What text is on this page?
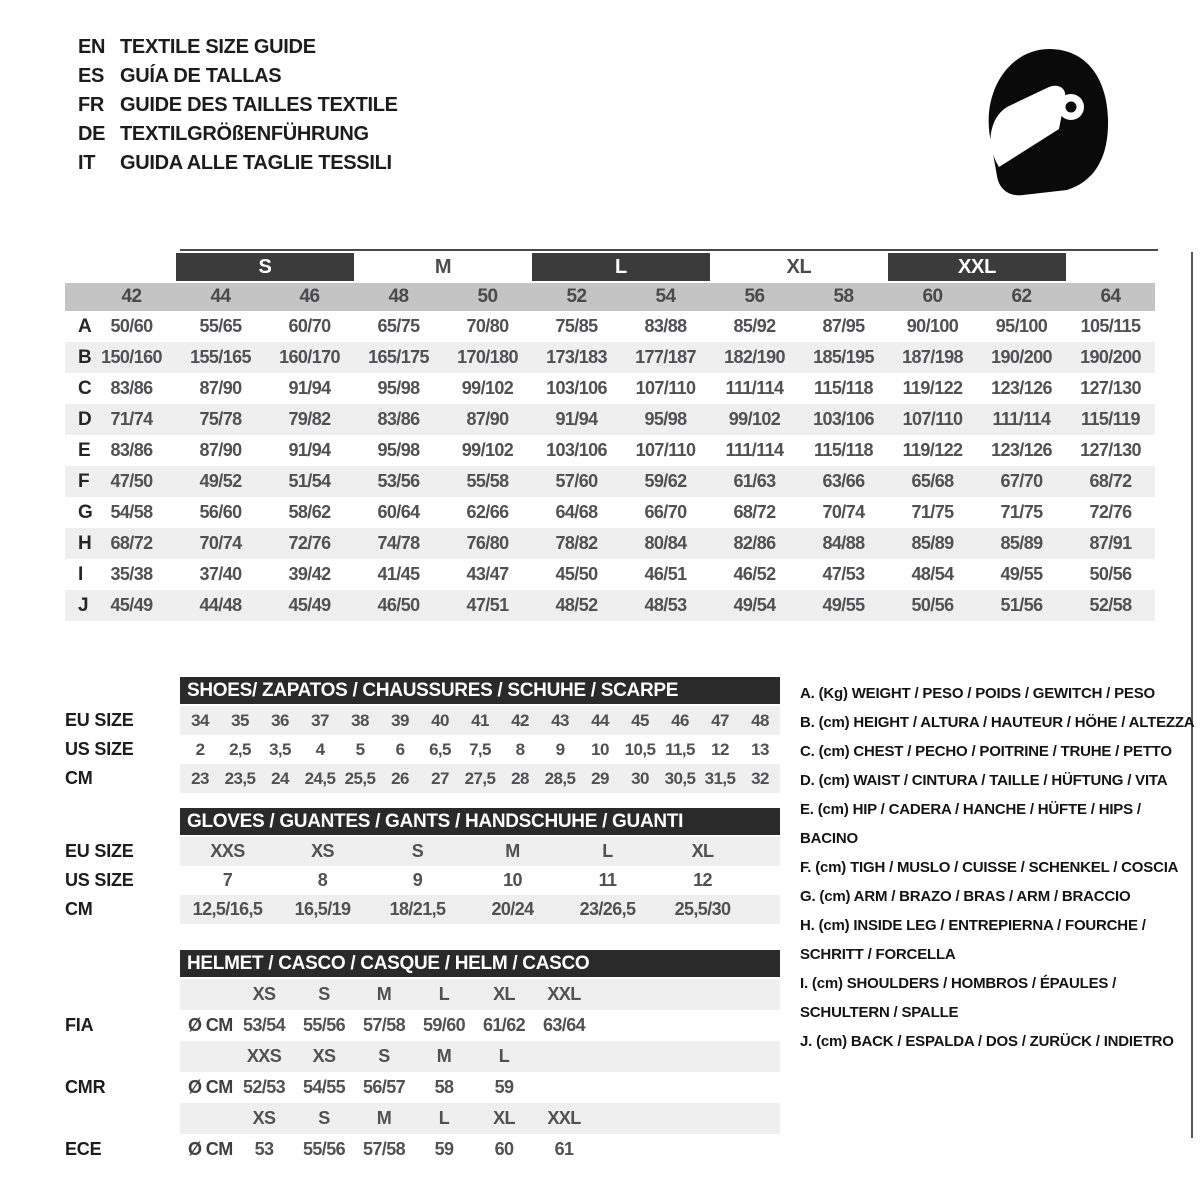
EN TEXTILE SIZE GUIDE
ES GUÍA DE TALLAS
FR GUIDE DES TAILLES TEXTILE
DE TEXTILGRÖßENFÜHRUNG
IT	GUIDA ALLE TAGLIE TESSILI
S	M	L	XL	XXL
42	44	46	48	50	52	54	56	58	60	62	64
A	50/60	55/65	60/70	65/75	70/80	75/85	83/88	85/92	87/95	90/100	95/100	105/115
B 150/160	155/165	160/170	165/175	170/180	173/183	177/187	182/190	185/195	187/198	190/200	190/200
C	83/86	87/90	91/94	95/98	99/102	103/106	107/110	111/114	115/118	119/122	123/126	127/130
D	71/74	75/78	79/82	83/86	87/90	91/94	95/98	99/102	103/106	107/110	111/114	115/119
E	83/86	87/90	91/94	95/98	99/102	103/106	107/110	111/114	115/118	119/122	123/126	127/130
F	47/50	49/52	51/54	53/56	55/58	57/60	59/62	61/63	63/66	65/68	67/70	68/72
G 54/58	56/60	58/62	60/64	62/66	64/68	66/70	68/72	70/74	71/75	71/75	72/76
H	68/72	70/74	72/76	74/78	76/80	78/82	80/84	82/86	84/88	85/89	85/89	87/91
I	35/38	37/40	39/42	41/45	43/47	45/50	46/51	46/52	47/53	48/54	49/55	50/56
J	45/49	44/48	45/49	46/50	47/51	48/52	48/53	49/54	49/55	50/56	51/56	52/58
SHOES/ ZAPATOS / CHAUSSURES / SCHUHE / SCARPE
EU SIZE	34	35	36	37	38	39	40	41	42	43	44	45	46	47	48
US SIZE	2	2,5	3,5	4	5	6	6,5	7,5	8	9	10 10,5 11,5 12	13
CM	23 23,5 24 24,5 25,5 26	27 27,5 28 28,5 29	30 30,5 31,5 32
GLOVES / GUANTES / GANTS / HANDSCHUHE / GUANTI
EU SIZE	XXS	XS	S	M	L	XL
US SIZE	7	8	9	10	11	12
CM	12,5/16,5	16,5/19	18/21,5	20/24	23/26,5	25,5/30
HELMET / CASCO / CASQUE / HELM / CASCO
XS	S	M	L	XL	XXL
FIA	Ø CM 53/54 55/56 57/58 59/60 61/62 63/64
XXS	XS	S	M	L
CMR	Ø CM 52/53 54/55 56/57	58	59
XS	S	M	L	XL	XXL
ECE	Ø CM	53	55/56 57/58	59	60	61

A. (Kg) WEIGHT / PESO / POIDS / GEWITCH / PESO

B. (cm) HEIGHT / ALTURA / HAUTEUR / HÖHE / ALTEZZA

C. (cm) CHEST / PECHO / POITRINE / TRUHE / PETTO

D. (cm) WAIST / CINTURA / TAILLE / HÜFTUNG / VITA

E. (cm) HIP / CADERA / HANCHE / HÜFTE / HIPS / BACINO

F. (cm) TIGH / MUSLO / CUISSE / SCHENKEL / COSCIA

G. (cm) ARM / BRAZO / BRAS / ARM / BRACCIO

H. (cm) INSIDE LEG / ENTREPIERNA / FOURCHE / SCHRITT / FORCELLA

I. (cm) SHOULDERS / HOMBROS / ÉPAULES / SCHULTERN / SPALLE

J. (cm) BACK / ESPALDA / DOS / ZURÜCK / INDIETRO
